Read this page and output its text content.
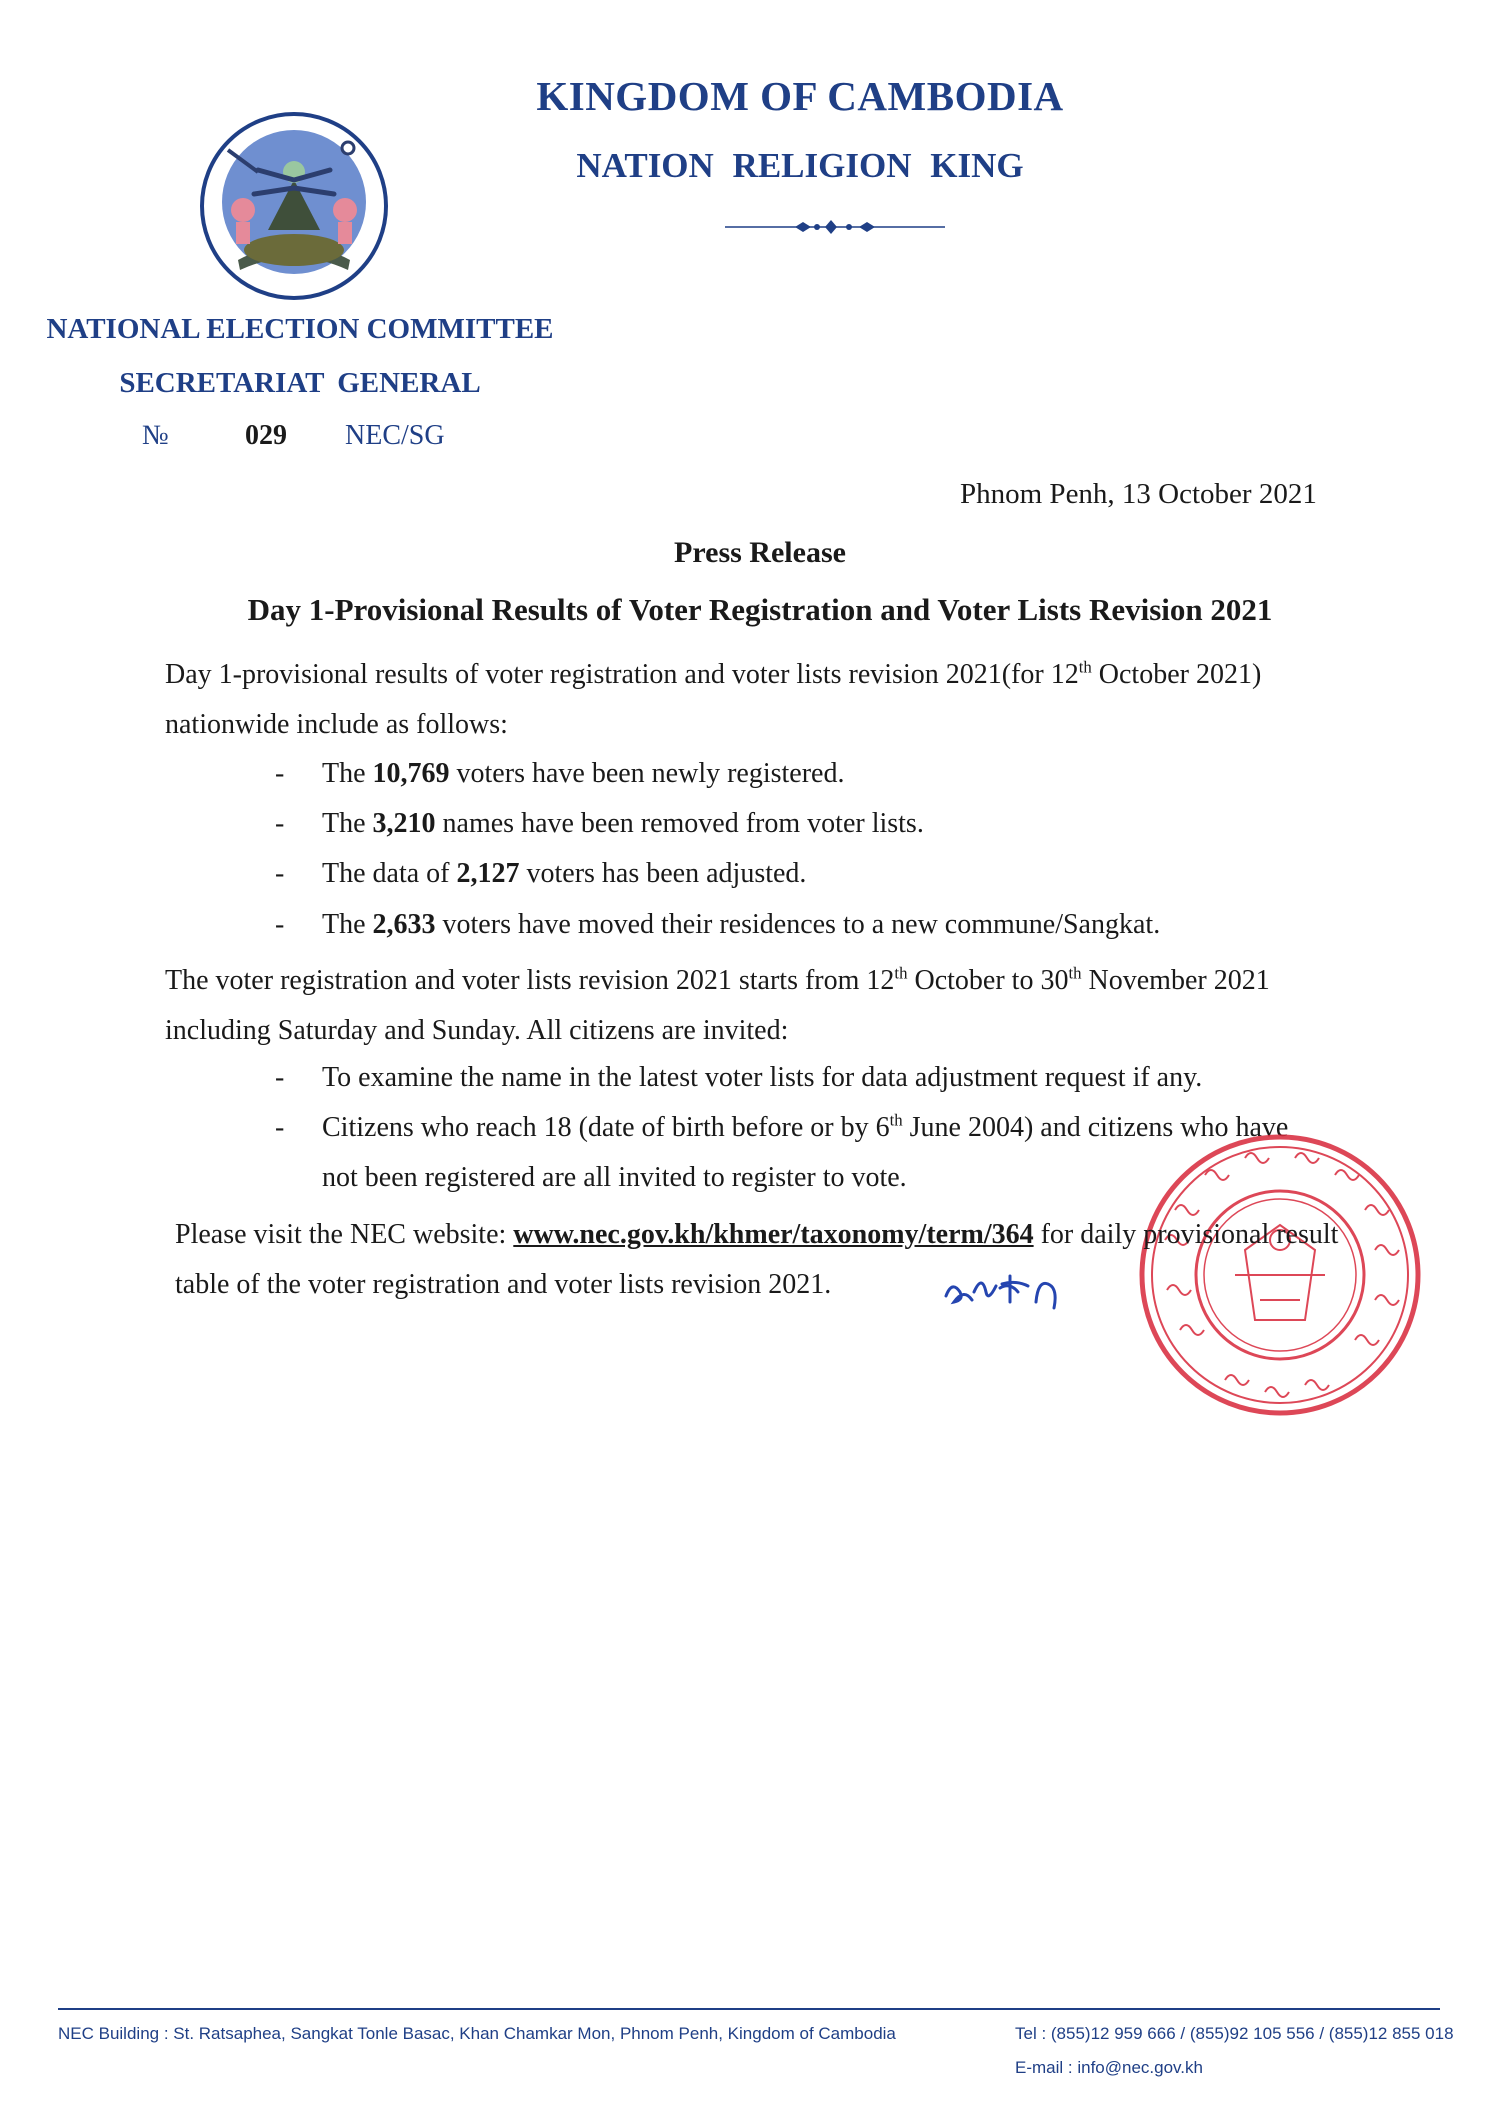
KINGDOM OF CAMBODIA
NATION RELIGION KING
NATIONAL ELECTION COMMITTEE
SECRETARIAT GENERAL
№	029 NEC/SG
Phnom Penh, 13 October 2021
Press Release
Day 1-Provisional Results of Voter Registration and Voter Lists Revision 2021
Day 1-provisional results of voter registration and voter lists revision 2021(for 12th October 2021) nationwide include as follows:
- The 10,769 voters have been newly registered.
- The 3,210 names have been removed from voter lists.
- The data of 2,127 voters has been adjusted.
- The 2,633 voters have moved their residences to a new commune/Sangkat.
The voter registration and voter lists revision 2021 starts from 12th October to 30th November 2021 including Saturday and Sunday. All citizens are invited:
- To examine the name in the latest voter lists for data adjustment request if any.
- Citizens who reach 18 (date of birth before or by 6th June 2004) and citizens who have
not been registered are all invited to register to vote.
Please visit the NEC website: www.nec.gov.kh/khmer/taxonomy/term/364 for daily provisional result table of the voter registration and voter lists revision 2021.
NEC Building : St. Ratsaphea, Sangkat Tonle Basac, Khan Chamkar Mon, Phnom Penh, Kingdom of Cambodia	Tel : (855)12 959 666 / (855)92 105 556 / (855)12 855 018
E-mail : info@nec.gov.kh
